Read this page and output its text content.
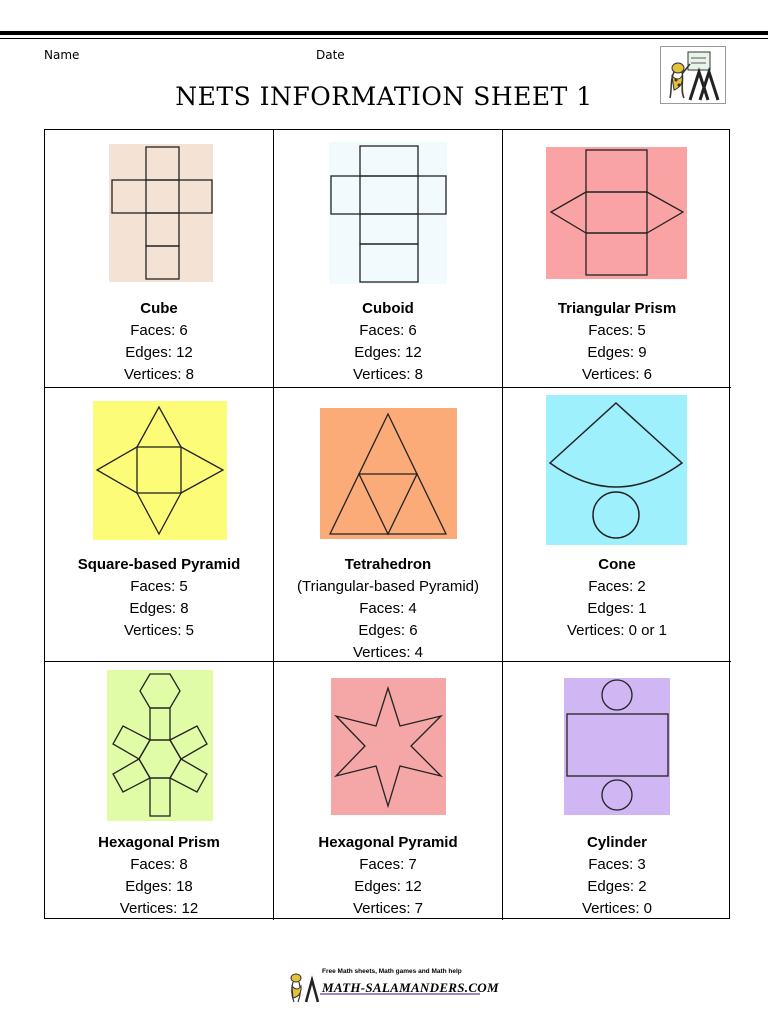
Name	Date
NETS INFORMATION SHEET 1
Cube
Faces: 6
Edges: 12
Vertices: 8
Cuboid
Faces: 6
Edges: 12
Vertices: 8
Triangular Prism
Faces: 5
Edges: 9
Vertices: 6
Square-based Pyramid
Faces: 5
Edges: 8
Vertices: 5
Tetrahedron
(Triangular-based Pyramid)
Faces: 4
Edges: 6
Vertices: 4
Cone
Faces: 2
Edges: 1
Vertices: 0 or 1
Hexagonal Prism
Faces: 8
Edges: 18
Vertices: 12
Hexagonal Pyramid
Faces: 7
Edges: 12
Vertices: 7
Cylinder
Faces: 3
Edges: 2
Vertices: 0
Free Math sheets, Math games and Math help
MATH-SALAMANDERS.COM
